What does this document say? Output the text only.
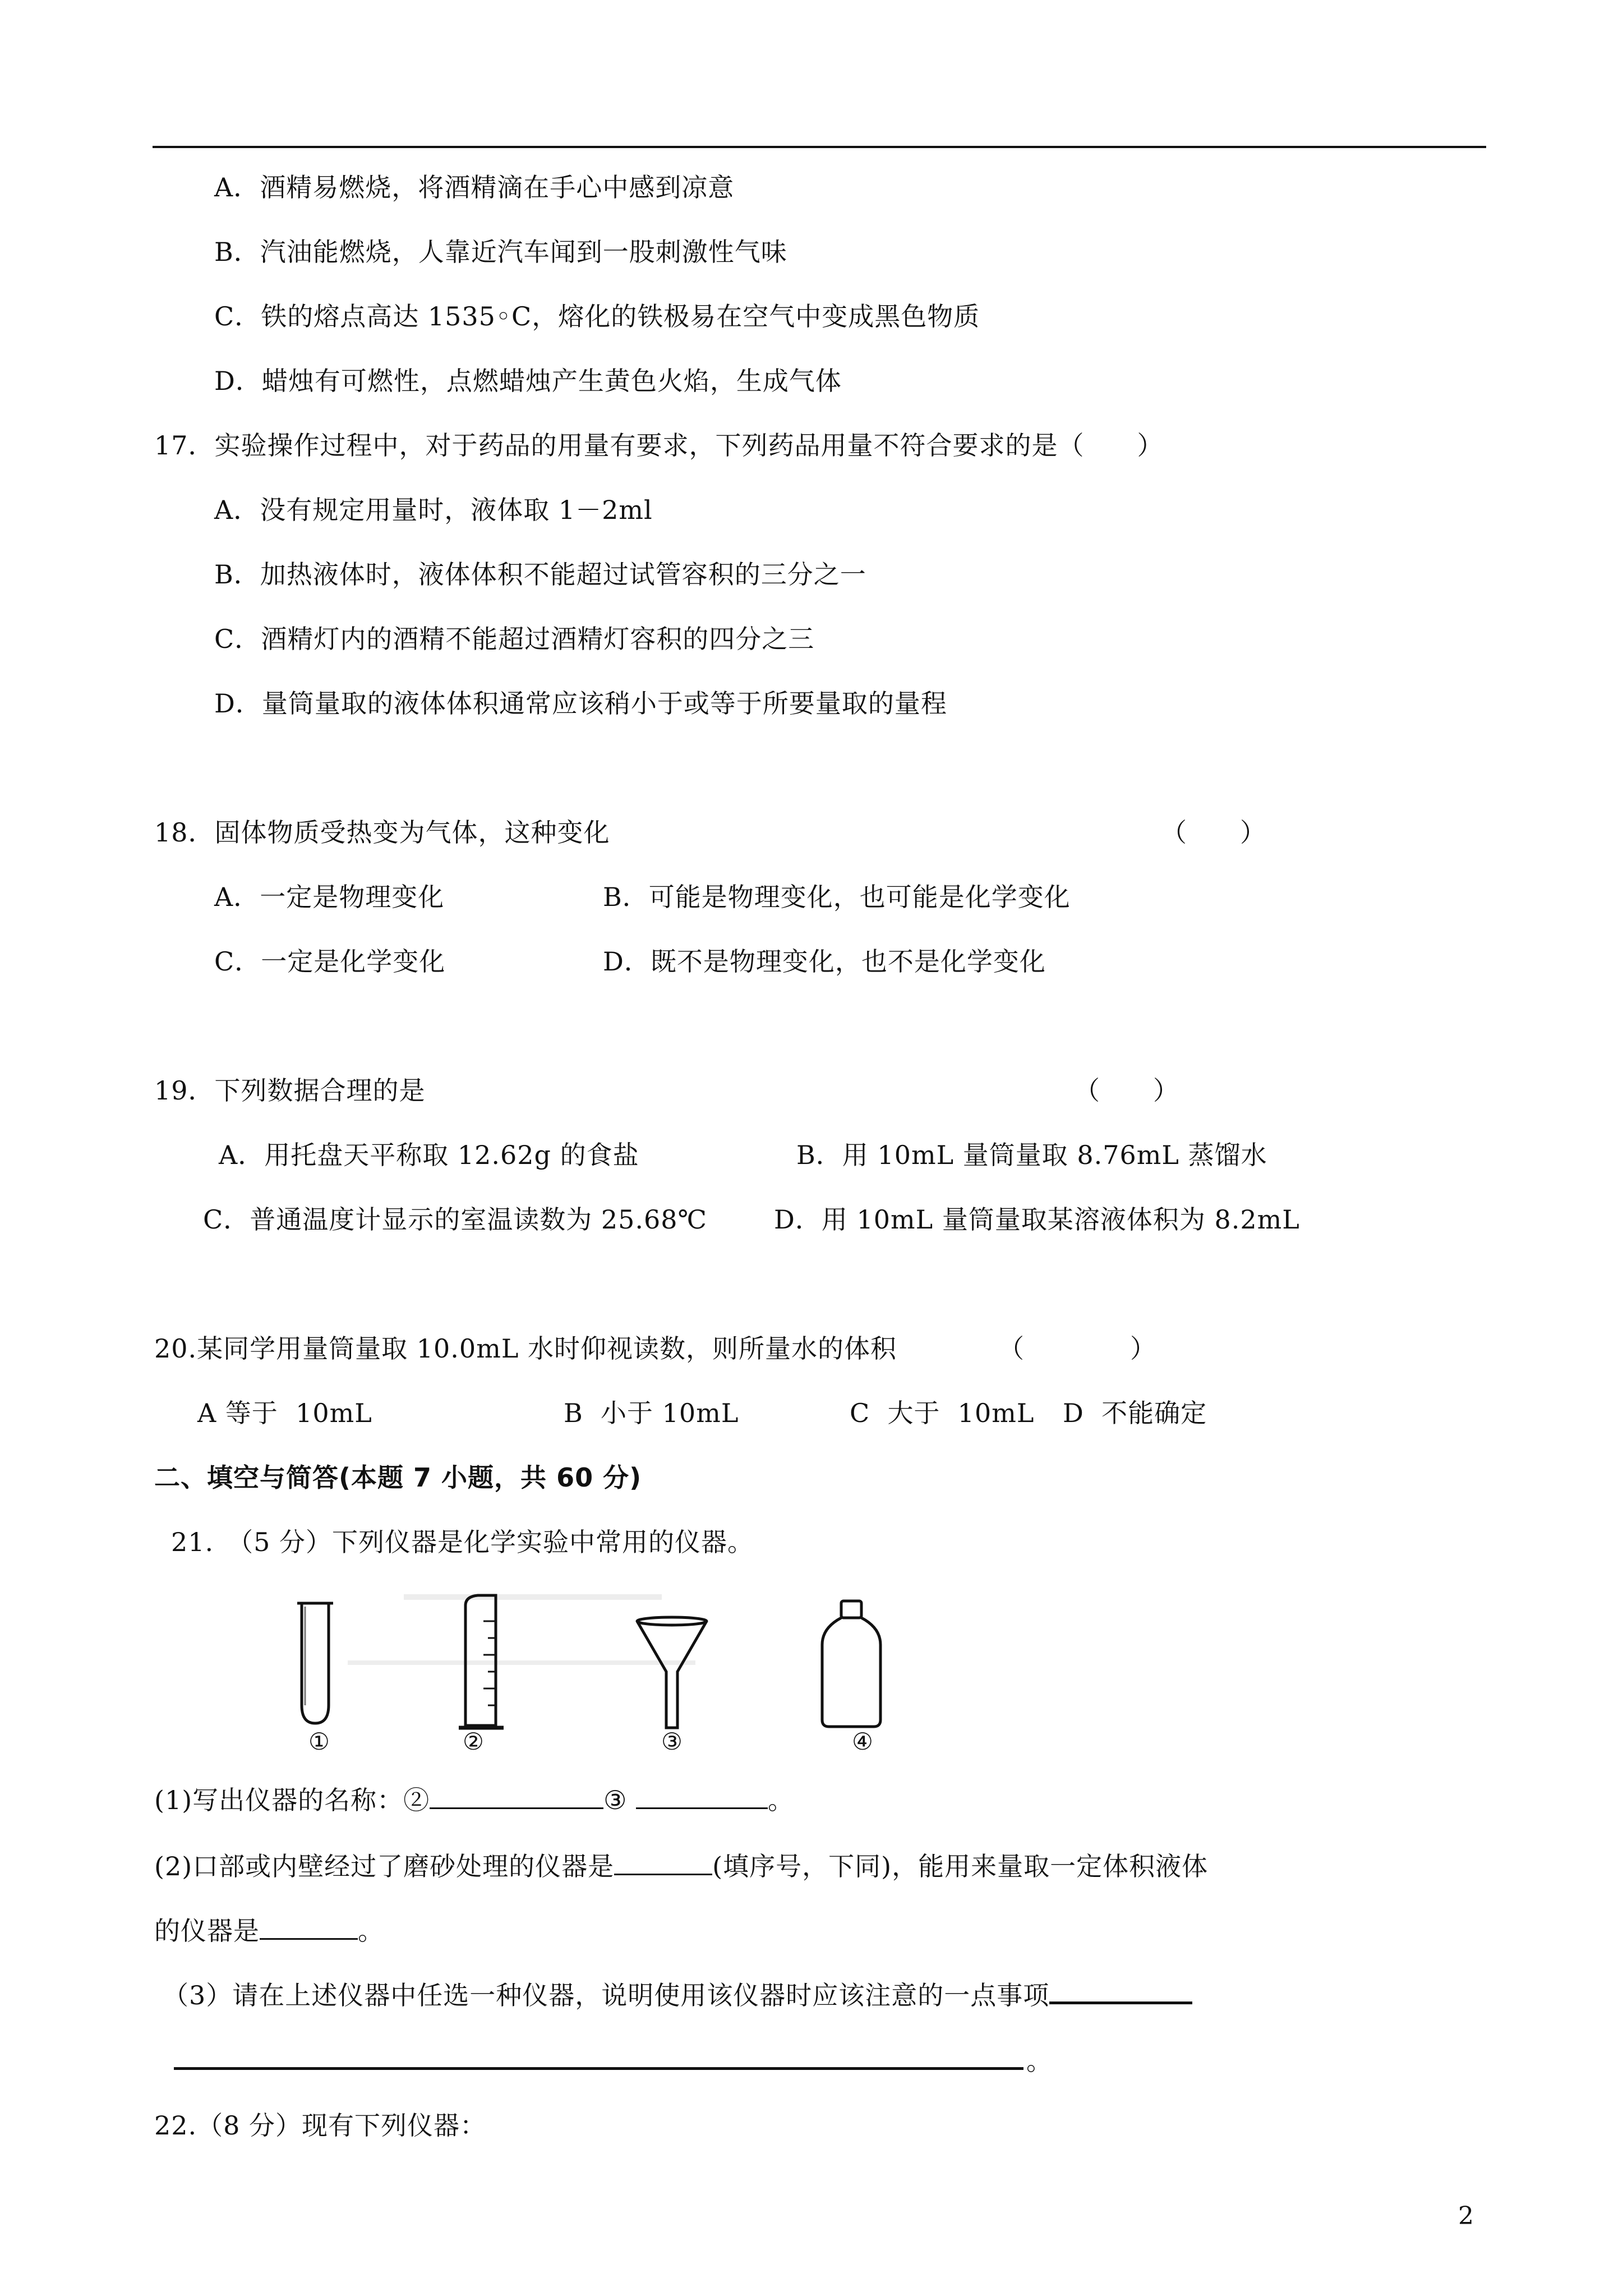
A．酒精易燃烧，将酒精滴在手心中感到凉意
B．汽油能燃烧，人靠近汽车闻到一股刺激性气味
C．铁的熔点高达 1535◦C，熔化的铁极易在空气中变成黑色物质
D．蜡烛有可燃性，点燃蜡烛产生黄色火焰，生成气体
17．实验操作过程中，对于药品的用量有要求，下列药品用量不符合要求的是（　　）
A．没有规定用量时，液体取 1－2ml
B．加热液体时，液体体积不能超过试管容积的三分之一
C．酒精灯内的酒精不能超过酒精灯容积的四分之三
D．量筒量取的液体体积通常应该稍小于或等于所要量取的量程
18．固体物质受热变为气体，这种变化	（　　）
A．一定是物理变化	B．可能是物理变化，也可能是化学变化
C．一定是化学变化	D．既不是物理变化，也不是化学变化
19．下列数据合理的是	（　　）
A．用托盘天平称取 12.62g 的食盐	B．用 10mL 量筒量取 8.76mL 蒸馏水
C．普通温度计显示的室温读数为 25.68℃	D．用 10mL 量筒量取某溶液体积为 8.2mL
20.某同学用量筒量取 10.0mL 水时仰视读数，则所量水的体积	（　　　　）
A 等于  10mL	B  小于 10mL	C  大于  10mL D  不能确定
二、填空与简答(本题 7 小题，共 60 分)
21.　（5 分）下列仪器是化学实验中常用的仪器。
①	②	③	④
(1)写出仪器的名称：②	③	。
(2)口部或内壁经过了磨砂处理的仪器是	(填序号，下同)，能用来量取一定体积液体
的仪器是	。
（3）请在上述仪器中任选一种仪器，说明使用该仪器时应该注意的一点事项
。
22.（8 分）现有下列仪器：
2
